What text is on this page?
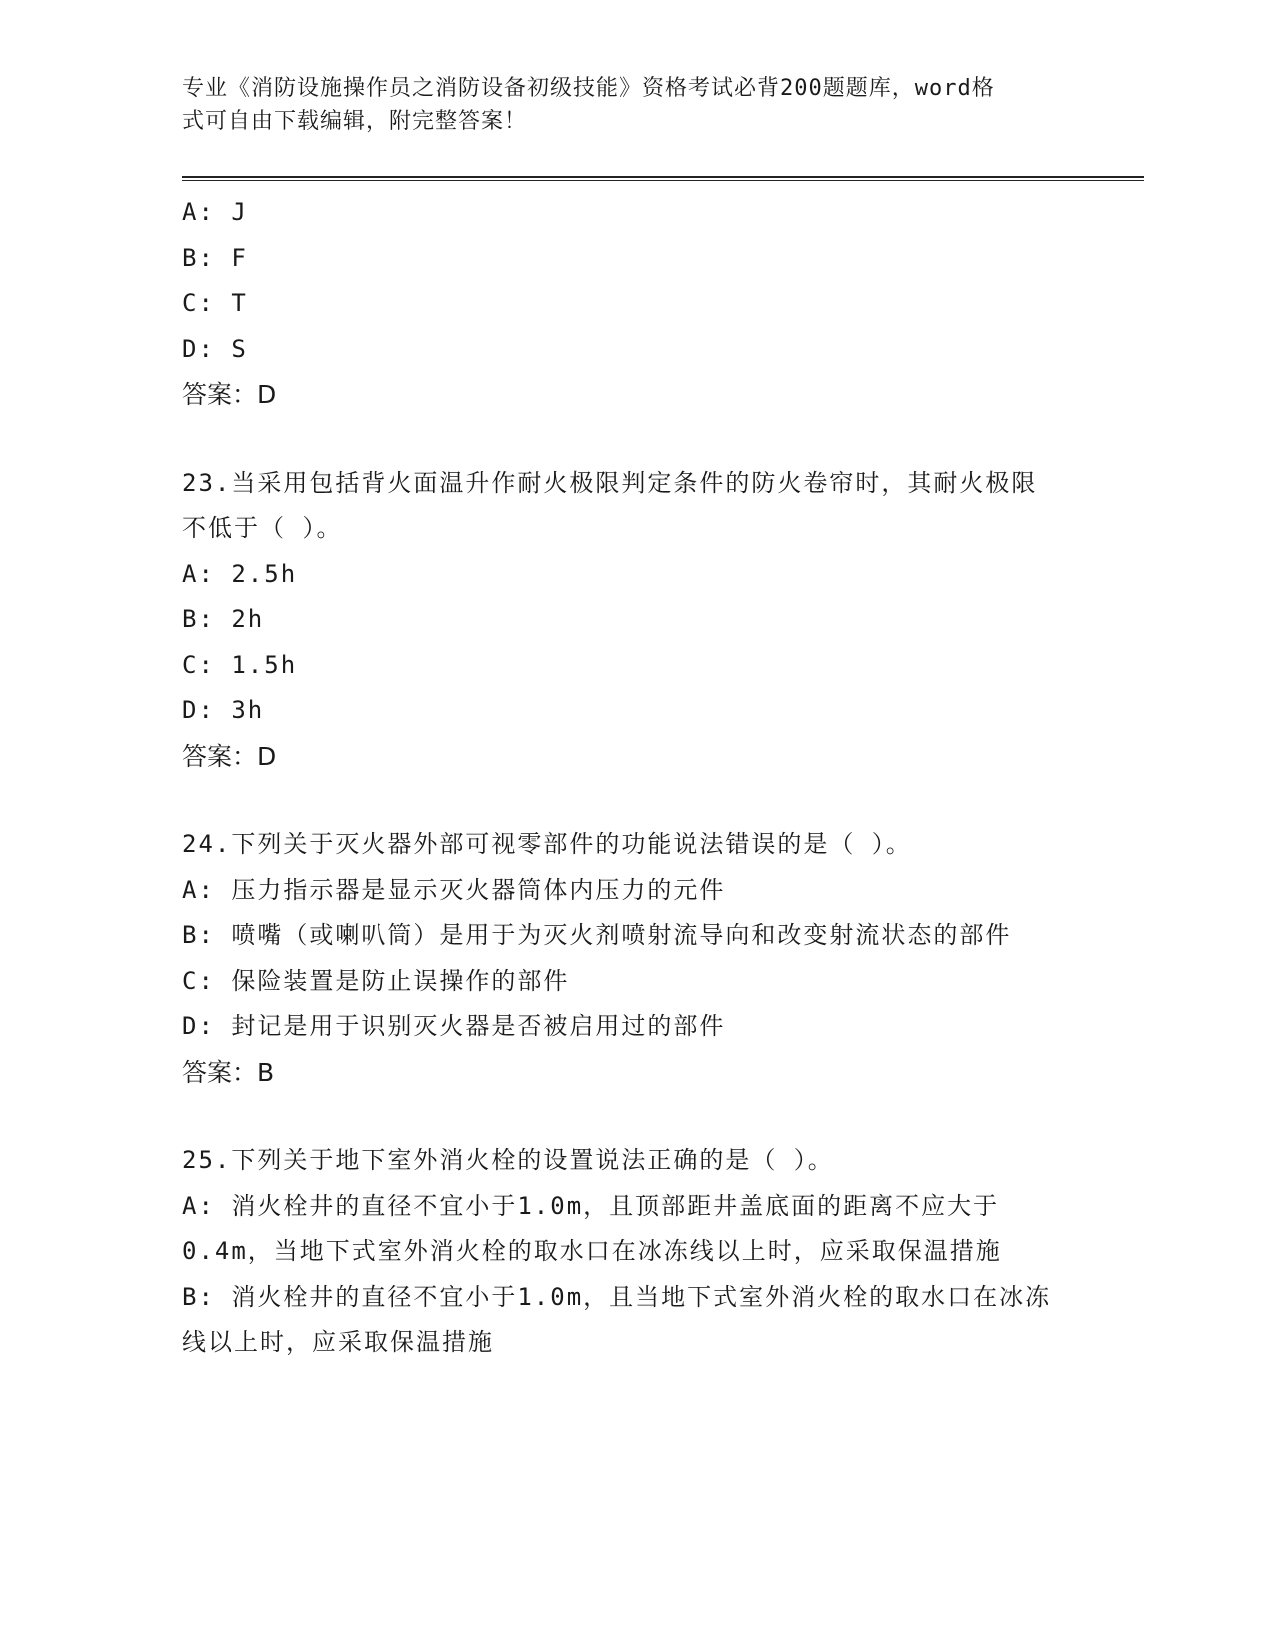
专业《消防设施操作员之消防设备初级技能》资格考试必背200题题库，word格
式可自由下载编辑，附完整答案！
A: J
B: F
C: T
D: S
答案：D
23.当采用包括背火面温升作耐火极限判定条件的防火卷帘时，其耐火极限不低于（ ）。
A: 2.5h
B: 2h
C: 1.5h
D: 3h
答案：D
24.下列关于灭火器外部可视零部件的功能说法错误的是（ ）。
A: 压力指示器是显示灭火器筒体内压力的元件
B: 喷嘴（或喇叭筒）是用于为灭火剂喷射流导向和改变射流状态的部件
C: 保险装置是防止误操作的部件
D: 封记是用于识别灭火器是否被启用过的部件
答案：B
25.下列关于地下室外消火栓的设置说法正确的是（ ）。
A: 消火栓井的直径不宜小于1.0m，且顶部距井盖底面的距离不应大于0.4m，当地下式室外消火栓的取水口在冰冻线以上时，应采取保温措施
B: 消火栓井的直径不宜小于1.0m，且当地下式室外消火栓的取水口在冰冻线以上时，应采取保温措施
